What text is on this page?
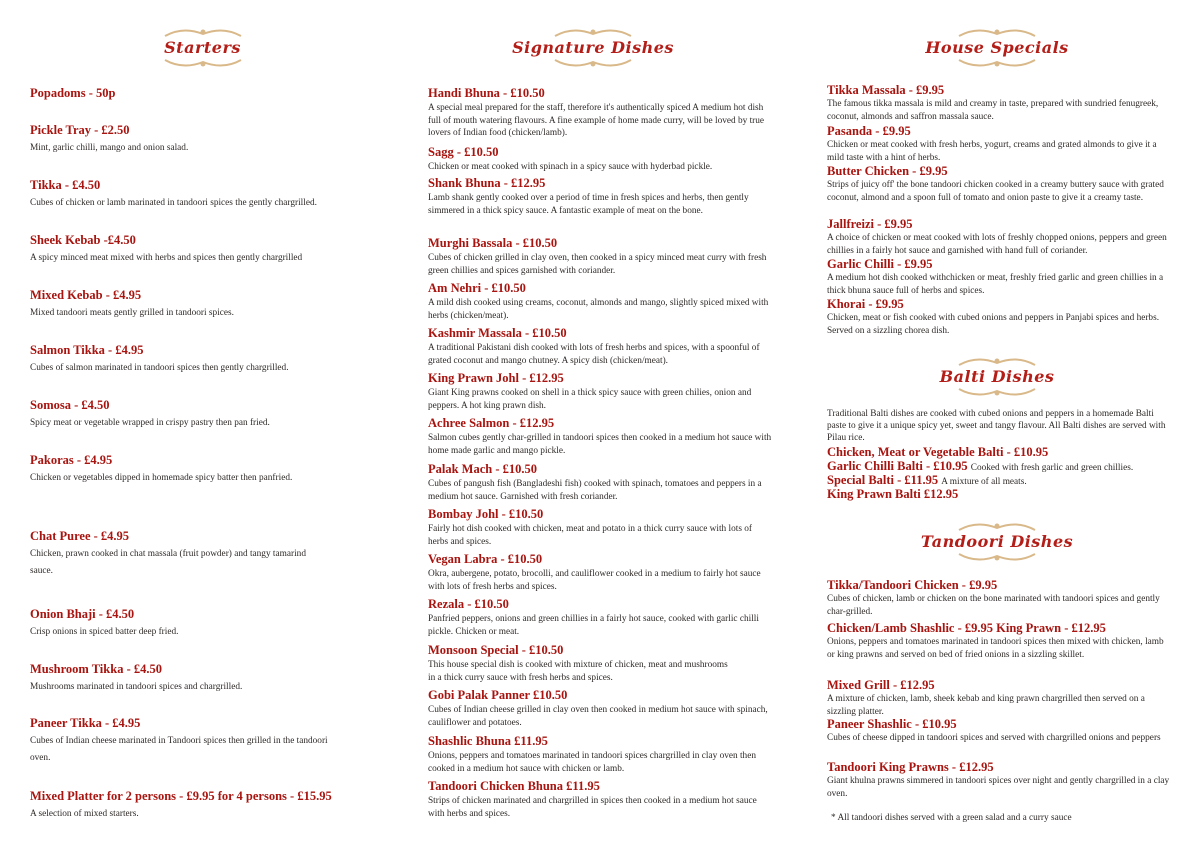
Starters
Popadoms - 50p
Pickle Tray - £2.50
Mint, garlic chilli, mango and onion salad.
Tikka - £4.50
Cubes of chicken or lamb marinated in tandoori spices the gently chargrilled.
Sheek Kebab -£4.50
A spicy minced meat mixed with herbs and spices then gently chargrilled
Mixed Kebab - £4.95
Mixed tandoori meats gently grilled in tandoori spices.
Salmon Tikka - £4.95
Cubes of salmon marinated in tandoori spices then gently chargrilled.
Somosa - £4.50
Spicy meat or vegetable wrapped in crispy pastry then pan fried.
Pakoras - £4.95
Chicken or vegetables dipped in homemade spicy batter then panfried.
Chat Puree - £4.95
Chicken, prawn cooked in chat massala (fruit powder) and tangy tamarind sauce.
Onion Bhaji - £4.50
Crisp onions in spiced batter deep fried.
Mushroom Tikka - £4.50
Mushrooms marinated in tandoori spices and chargrilled.
Paneer Tikka - £4.95
Cubes of Indian cheese marinated in Tandoori spices then grilled in the tandoori oven.
Mixed Platter for 2 persons - £9.95 for 4 persons - £15.95
A selection of mixed starters.
Signature Dishes
Handi Bhuna - £10.50
A special meal prepared for the staff, therefore it's authentically spiced A medium hot dish full of mouth watering flavours. A fine example of home made curry, will be loved by true lovers of Indian food (chicken/lamb).
Sagg - £10.50
Chicken or meat cooked with spinach in a spicy sauce with hyderbad pickle.
Shank Bhuna - £12.95
Lamb shank gently cooked over a period of time in fresh spices and herbs, then gently simmered in a thick spicy sauce. A fantastic example of meat on the bone.
Murghi Bassala - £10.50
Cubes of chicken grilled in clay oven, then cooked in a spicy minced meat curry with fresh green chillies and spices garnished with coriander.
Am Nehri - £10.50
A mild dish cooked using creams, coconut, almonds and mango, slightly spiced mixed with herbs (chicken/meat).
Kashmir Massala - £10.50
A traditional Pakistani dish cooked with lots of fresh herbs and spices, with a spoonful of grated coconut and mango chutney. A spicy dish (chicken/meat).
King Prawn Johl - £12.95
Giant King prawns cooked on shell in a thick spicy sauce with green chilies, onion and peppers. A hot king prawn dish.
Achree Salmon - £12.95
Salmon cubes gently char-grilled in tandoori spices then cooked in a medium hot sauce with home made garlic and mango pickle.
Palak Mach - £10.50
Cubes of pangush fish (Bangladeshi fish) cooked with spinach, tomatoes and peppers in a medium hot sauce. Garnished with fresh coriander.
Bombay Johl - £10.50
Fairly hot dish cooked with chicken, meat and potato in a thick curry sauce with lots of herbs and spices.
Vegan Labra - £10.50
Okra, aubergene, potato, brocolli, and cauliflower cooked in a medium to fairly hot sauce with lots of fresh herbs and spices.
Rezala - £10.50
Panfried peppers, onions and green chillies in a fairly hot sauce, cooked with garlic chilli pickle. Chicken or meat.
Monsoon Special - £10.50
This house special dish is cooked with mixture of chicken, meat and mushrooms in a thick curry sauce with fresh herbs and spices.
Gobi Palak Panner £10.50
Cubes of Indian cheese grilled in clay oven then cooked in medium hot sauce with spinach, cauliflower and potatoes.
Shashlic Bhuna £11.95
Onions, peppers and tomatoes marinated in tandoori spices chargrilled in clay oven then cooked in a medium hot sauce with chicken or lamb.
Tandoori Chicken Bhuna £11.95
Strips of chicken marinated and chargrilled in spices then cooked in a medium hot sauce with herbs and spices.
House Specials
Tikka Massala - £9.95
The famous tikka massala is mild and creamy in taste, prepared with sundried fenugreek, coconut, almonds and saffron massala sauce.
Pasanda - £9.95
Chicken or meat cooked with fresh herbs, yogurt, creams and grated almonds to give it a mild taste with a hint of herbs.
Butter Chicken - £9.95
Strips of juicy off' the bone tandoori chicken cooked in a creamy buttery sauce with grated coconut, almond and a spoon full of tomato and onion paste to give it a creamy taste.
Jallfreizi - £9.95
A choice of chicken or meat cooked with lots of freshly chopped onions, peppers and green chillies in a fairly hot sauce and garnished with hand full of coriander.
Garlic Chilli - £9.95
A medium hot dish cooked withchicken or meat, freshly fried garlic and green chillies in a thick bhuna sauce full of herbs and spices.
Khorai - £9.95
Chicken, meat or fish cooked with cubed onions and peppers in Panjabi spices and herbs. Served on a sizzling chorea dish.
Balti Dishes
Traditional Balti dishes are cooked with cubed onions and peppers in a homemade Balti paste to give it a unique spicy yet, sweet and tangy flavour. All Balti dishes are served with Pilau rice.
Chicken, Meat or Vegetable Balti - £10.95
Garlic Chilli Balti - £10.95 Cooked with fresh garlic and green chillies.
Special Balti - £11.95 A mixture of all meats.
King Prawn Balti £12.95
Tandoori Dishes
Tikka/Tandoori Chicken - £9.95
Cubes of chicken, lamb or chicken on the bone marinated with tandoori spices and gently char-grilled.
Chicken/Lamb Shashlic - £9.95 King Prawn - £12.95
Onions, peppers and tomatoes marinated in tandoori spices then mixed with chicken, lamb or king prawns and served on bed of fried onions in a sizzling skillet.
Mixed Grill - £12.95
A mixture of chicken, lamb, sheek kebab and king prawn chargrilled then served on a sizzling platter.
Paneer Shashlic - £10.95
Cubes of cheese dipped in tandoori spices and served with chargrilled onions and peppers
Tandoori King Prawns - £12.95
Giant khulna prawns simmered in tandoori spices over night and gently chargrilled in a clay oven.
* All tandoori dishes served with a green salad and a curry sauce
